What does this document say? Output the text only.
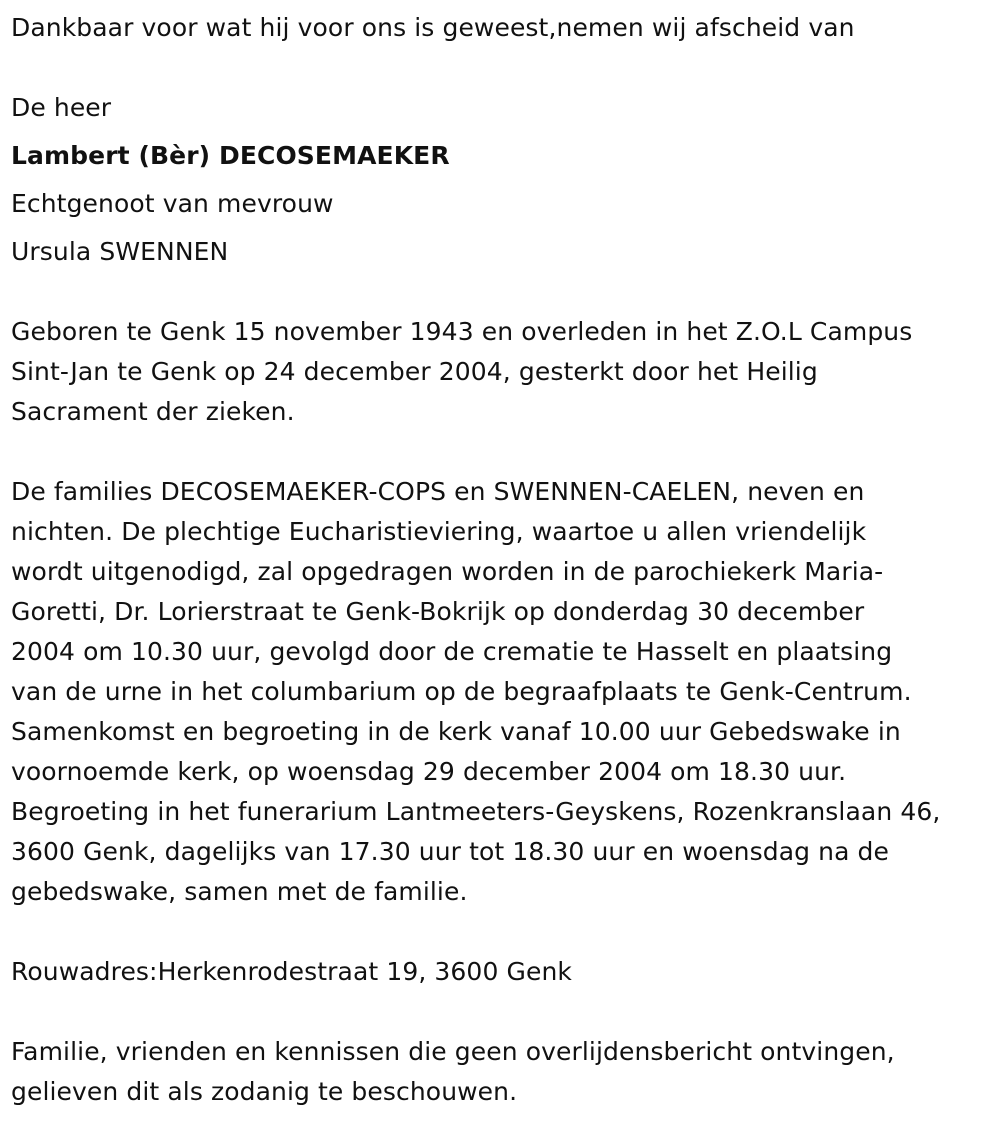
Dankbaar voor wat hij voor ons is geweest,nemen wij afscheid van

De heer

Lambert (Bèr) DECOSEMAEKER

Echtgenoot van mevrouw

Ursula SWENNEN

Geboren te Genk 15 november 1943 en overleden in het Z.O.L Campus

Sint-Jan te Genk op 24 december 2004, gesterkt door het Heilig

Sacrament der zieken.

De families DECOSEMAEKER-COPS en SWENNEN-CAELEN, neven en

nichten. De plechtige Eucharistieviering, waartoe u allen vriendelijk

wordt uitgenodigd, zal opgedragen worden in de parochiekerk Maria-

Goretti, Dr. Lorierstraat te Genk-Bokrijk op donderdag 30 december

2004 om 10.30 uur, gevolgd door de crematie te Hasselt en plaatsing

van de urne in het columbarium op de begraafplaats te Genk-Centrum.

Samenkomst en begroeting in de kerk vanaf 10.00 uur Gebedswake in

voornoemde kerk, op woensdag 29 december 2004 om 18.30 uur.

Begroeting in het funerarium Lantmeeters-Geyskens, Rozenkranslaan 46,

3600 Genk, dagelijks van 17.30 uur tot 18.30 uur en woensdag na de

gebedswake, samen met de familie.

Rouwadres:Herkenrodestraat 19, 3600 Genk

Familie, vrienden en kennissen die geen overlijdensbericht ontvingen,

gelieven dit als zodanig te beschouwen.
